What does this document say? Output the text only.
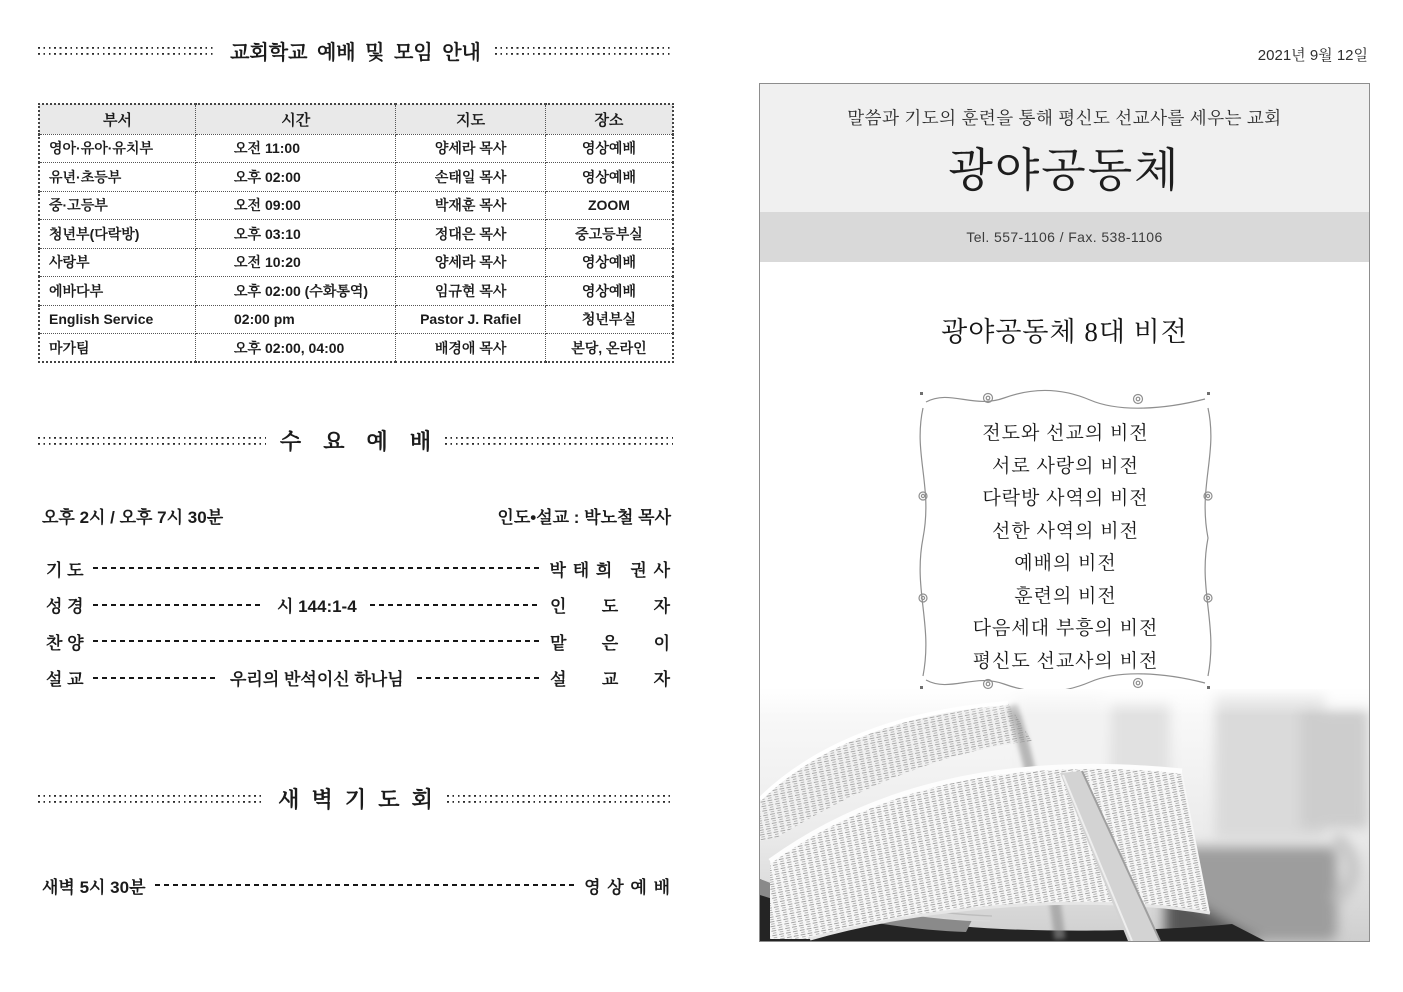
교회학교 예배 및 모임 안내
부서	시간	지도	장소
영아·유아·유치부	오전 11:00	양세라 목사	영상예배
유년·초등부	오후 02:00	손태일 목사	영상예배
중·고등부	오전 09:00	박재훈 목사	ZOOM
청년부(다락방)	오후 03:10	정대은 목사	중고등부실
사랑부	오전 10:20	양세라 목사	영상예배
에바다부	오후 02:00 (수화통역)	임규현 목사	영상예배
English Service	02:00 pm	Pastor J. Rafiel	청년부실
마가팀	오후 02:00, 04:00	배경애 목사	본당, 온라인
수 요 예 배
오후 2시 / 오후 7시 30분	인도•설교 : 박노철 목사
기 도	박 태 희   권 사
성 경	시 144:1-4	인      도      자
찬 양	맡      은      이
설 교	우리의 반석이신 하나님	설      교      자
새 벽 기 도 회
새벽 5시 30분	영 상 예 배
2021년 9월 12일
말씀과 기도의 훈련을 통해 평신도 선교사를 세우는 교회
광야공동체
Tel. 557-1106 / Fax. 538-1106
광야공동체 8대 비전
전도와 선교의 비전
서로 사랑의 비전
다락방 사역의 비전
선한 사역의 비전
예배의 비전
훈련의 비전
다음세대 부흥의 비전
평신도 선교사의 비전
